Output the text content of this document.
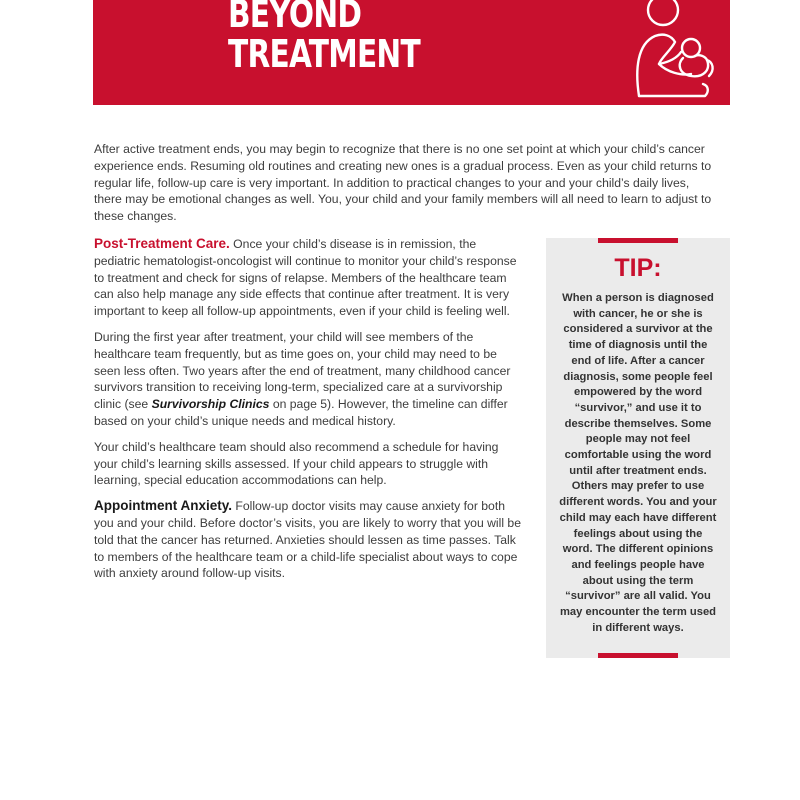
BEYOND
TREATMENT

After active treatment ends, you may begin to recognize that there is no one set point at which your child’s cancer experience ends. Resuming old routines and creating new ones is a gradual process. Even as your child returns to regular life, follow-up care is very important. In addition to practical changes to your and your child’s daily lives, there may be emotional changes as well. You, your child and your family members will all need to learn to adjust to these changes.

Post-Treatment Care. Once your child’s disease is in remission, the pediatric hematologist-oncologist will continue to monitor your child’s response to treatment and check for signs of relapse. Members of the healthcare team can also help manage any side effects that continue after treatment. It is very important to keep all follow-up appointments, even if your child is feeling well.

During the first year after treatment, your child will see members of the healthcare team frequently, but as time goes on, your child may need to be seen less often. Two years after the end of treatment, many childhood cancer survivors transition to receiving long-term, specialized care at a survivorship clinic (see Survivorship Clinics on page 5). However, the timeline can differ based on your child’s unique needs and medical history.

Your child’s healthcare team should also recommend a schedule for having your child’s learning skills assessed. If your child appears to struggle with learning, special education accommodations can help.

Appointment Anxiety. Follow-up doctor visits may cause anxiety for both you and your child. Before doctor’s visits, you are likely to worry that you will be told that the cancer has returned. Anxieties should lessen as time passes. Talk to members of the healthcare team or a child-life specialist about ways to cope with anxiety around follow-up visits.

TIP:
When a person is diagnosed with cancer, he or she is considered a survivor at the time of diagnosis until the end of life. After a cancer diagnosis, some people feel empowered by the word “survivor,” and use it to describe themselves. Some people may not feel comfortable using the word until after treatment ends. Others may prefer to use different words. You and your child may each have different feelings about using the word. The different opinions and feelings people have about using the term “survivor” are all valid. You may encounter the term used in different ways.
